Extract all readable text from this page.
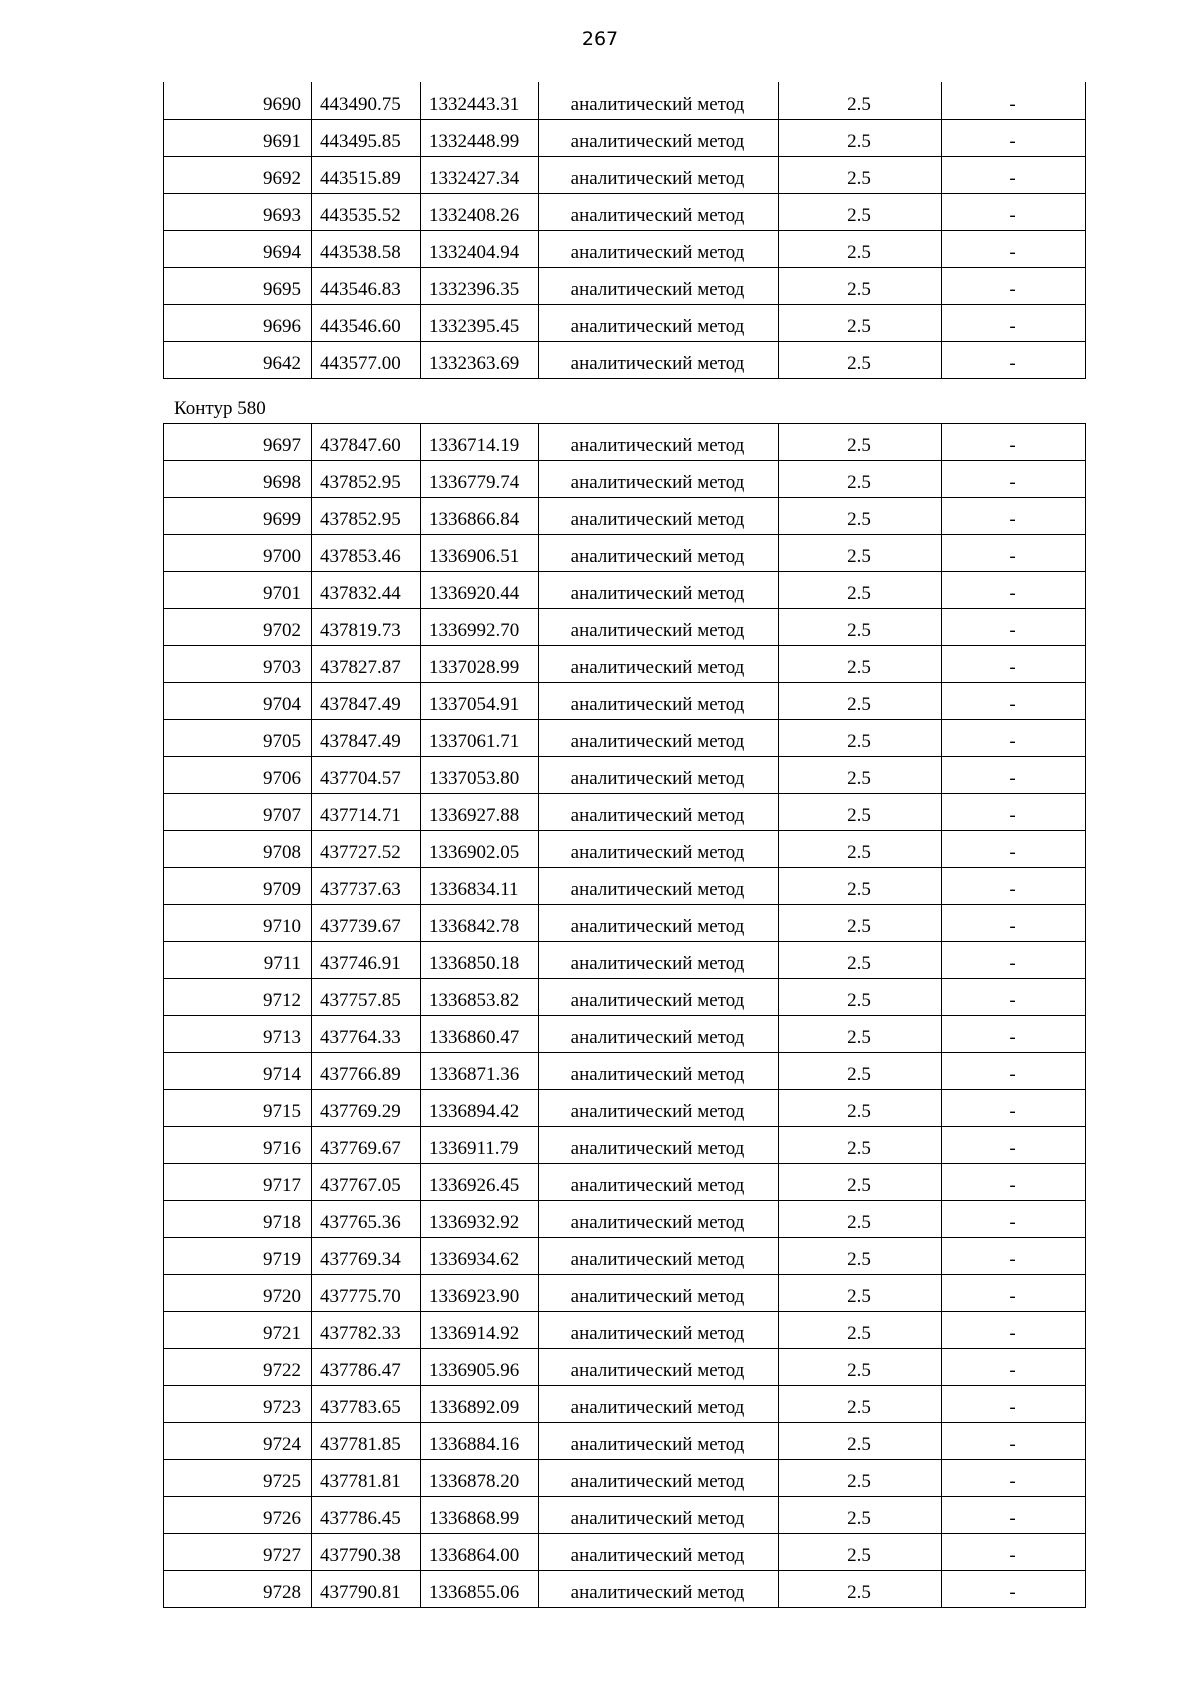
267
9690	443490.75	1332443.31	аналитический метод	2.5	-
9691	443495.85	1332448.99	аналитический метод	2.5	-
9692	443515.89	1332427.34	аналитический метод	2.5	-
9693	443535.52	1332408.26	аналитический метод	2.5	-
9694	443538.58	1332404.94	аналитический метод	2.5	-
9695	443546.83	1332396.35	аналитический метод	2.5	-
9696	443546.60	1332395.45	аналитический метод	2.5	-
9642	443577.00	1332363.69	аналитический метод	2.5	-
Контур 580
9697	437847.60	1336714.19	аналитический метод	2.5	-
9698	437852.95	1336779.74	аналитический метод	2.5	-
9699	437852.95	1336866.84	аналитический метод	2.5	-
9700	437853.46	1336906.51	аналитический метод	2.5	-
9701	437832.44	1336920.44	аналитический метод	2.5	-
9702	437819.73	1336992.70	аналитический метод	2.5	-
9703	437827.87	1337028.99	аналитический метод	2.5	-
9704	437847.49	1337054.91	аналитический метод	2.5	-
9705	437847.49	1337061.71	аналитический метод	2.5	-
9706	437704.57	1337053.80	аналитический метод	2.5	-
9707	437714.71	1336927.88	аналитический метод	2.5	-
9708	437727.52	1336902.05	аналитический метод	2.5	-
9709	437737.63	1336834.11	аналитический метод	2.5	-
9710	437739.67	1336842.78	аналитический метод	2.5	-
9711	437746.91	1336850.18	аналитический метод	2.5	-
9712	437757.85	1336853.82	аналитический метод	2.5	-
9713	437764.33	1336860.47	аналитический метод	2.5	-
9714	437766.89	1336871.36	аналитический метод	2.5	-
9715	437769.29	1336894.42	аналитический метод	2.5	-
9716	437769.67	1336911.79	аналитический метод	2.5	-
9717	437767.05	1336926.45	аналитический метод	2.5	-
9718	437765.36	1336932.92	аналитический метод	2.5	-
9719	437769.34	1336934.62	аналитический метод	2.5	-
9720	437775.70	1336923.90	аналитический метод	2.5	-
9721	437782.33	1336914.92	аналитический метод	2.5	-
9722	437786.47	1336905.96	аналитический метод	2.5	-
9723	437783.65	1336892.09	аналитический метод	2.5	-
9724	437781.85	1336884.16	аналитический метод	2.5	-
9725	437781.81	1336878.20	аналитический метод	2.5	-
9726	437786.45	1336868.99	аналитический метод	2.5	-
9727	437790.38	1336864.00	аналитический метод	2.5	-
9728	437790.81	1336855.06	аналитический метод	2.5	-
